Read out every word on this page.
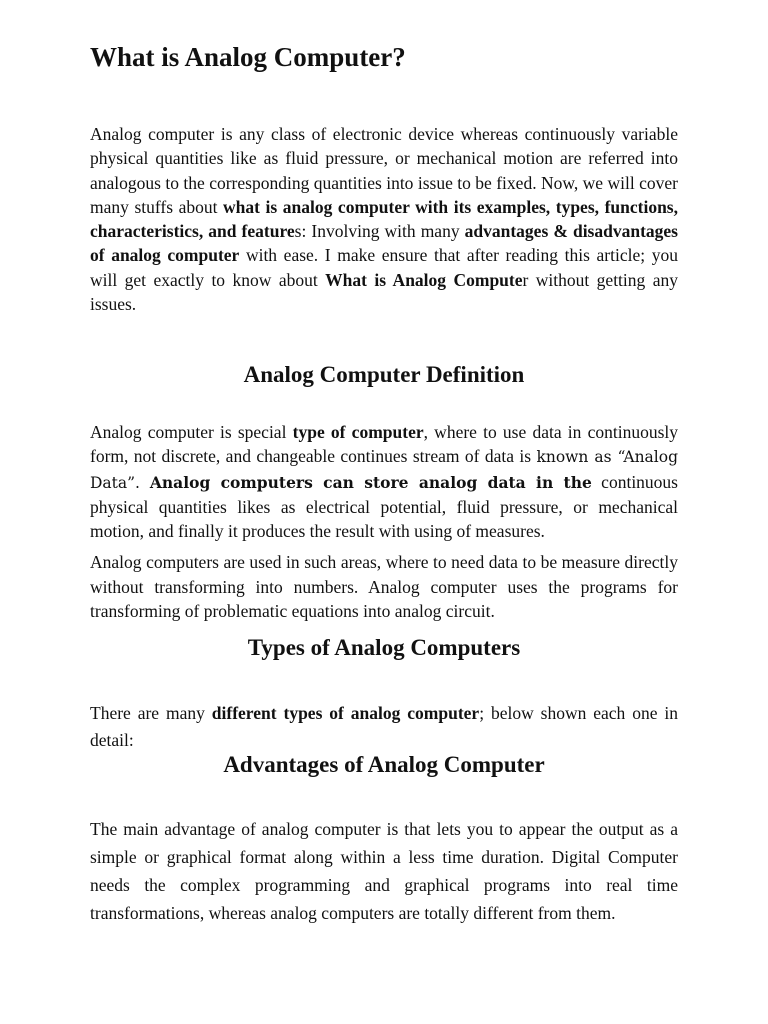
What is Analog Computer?

Analog computer is any class of electronic device whereas continuously variable physical quantities like as fluid pressure, or mechanical motion are referred into analogous to the corresponding quantities into issue to be fixed. Now, we will cover many stuffs about what is analog computer with its examples, types, functions, characteristics, and features: Involving with many advantages & disadvantages of analog computer with ease. I make ensure that after reading this article; you will get exactly to know about What is Analog Computer without getting any issues.

Analog Computer Definition

Analog computer is special type of computer, where to use data in continuously form, not discrete, and changeable continues stream of data is known as “Analog Data”. Analog computers can store analog data in the continuous physical quantities likes as electrical potential, fluid pressure, or mechanical motion, and finally it produces the result with using of measures.

Analog computers are used in such areas, where to need data to be measure directly without transforming into numbers. Analog computer uses the programs for transforming of problematic equations into analog circuit.

Types of Analog Computers

There are many different types of analog computer; below shown each one in detail:

Advantages of Analog Computer

The main advantage of analog computer is that lets you to appear the output as a simple or graphical format along within a less time duration. Digital Computer needs the complex programming and graphical programs into real time transformations, whereas analog computers are totally different from them.
